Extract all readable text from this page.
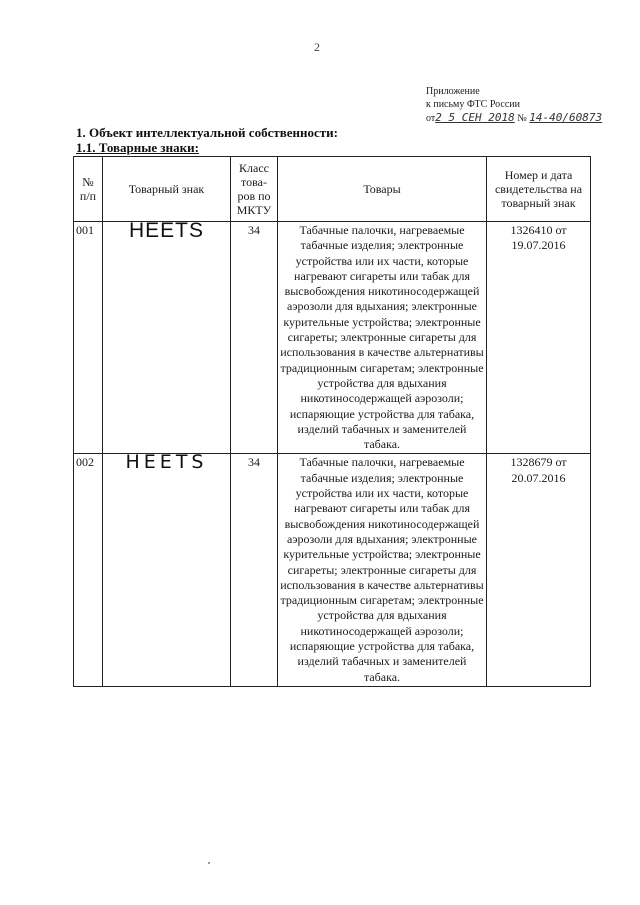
2
Приложение
к письму ФТС России
от2 5 СЕН 2018 № 14-40/60873
1. Объект интеллектуальной собственности:
1.1. Товарные знаки:
№ п/п	Товарный знак	Класс това-ров по МКТУ	Товары	Номер и дата свидетельства на товарный знак
001	HEETS	34	Табачные палочки, нагреваемые табачные изделия; электронные устройства или их части, которые нагревают сигареты или табак для высвобождения никотиносодержащей аэрозоли для вдыхания; электронные курительные устройства; электронные сигареты; электронные сигареты для использования в качестве альтернативы традиционным сигаретам; электронные устройства для вдыхания никотиносодержащей аэрозоли; испаряющие устройства для табака, изделий табачных и заменителей табака.	1326410 от 19.07.2016
002	HEETS	34	Табачные палочки, нагреваемые табачные изделия; электронные устройства или их части, которые нагревают сигареты или табак для высвобождения никотиносодержащей аэрозоли для вдыхания; электронные курительные устройства; электронные сигареты; электронные сигареты для использования в качестве альтернативы традиционным сигаретам; электронные устройства для вдыхания никотиносодержащей аэрозоли; испаряющие устройства для табака, изделий табачных и заменителей табака.	1328679 от 20.07.2016
